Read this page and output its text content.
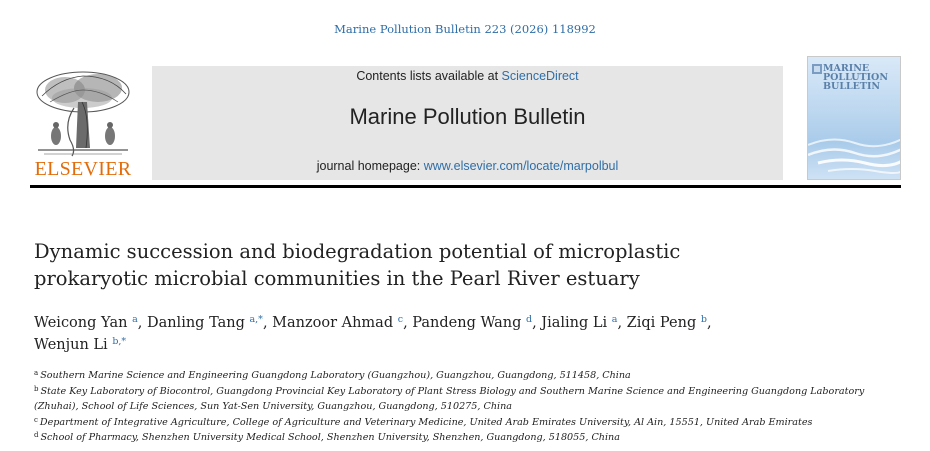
Marine Pollution Bulletin 223 (2026) 118992
ELSEVIER
Contents lists available at ScienceDirect
Marine Pollution Bulletin
journal homepage: www.elsevier.com/locate/marpolbul
MARINE
POLLUTION
BULLETIN
Dynamic succession and biodegradation potential of microplastic
prokaryotic microbial communities in the Pearl River estuary
Weicong Yan $^a$, Danling Tang $^{a,*}$, Manzoor Ahmad $^c$, Pandeng Wang $^d$, Jialing Li $^a$, Ziqi Peng $^b$,
Wenjun Li $^{b,*}$
$^a$ Southern Marine Science and Engineering Guangdong Laboratory (Guangzhou), Guangzhou, Guangdong, 511458, China
$^b$ State Key Laboratory of Biocontrol, Guangdong Provincial Key Laboratory of Plant Stress Biology and Southern Marine Science and Engineering Guangdong Laboratory
(Zhuhai), School of Life Sciences, Sun Yat-Sen University, Guangzhou, Guangdong, 510275, China
$^c$ Department of Integrative Agriculture, College of Agriculture and Veterinary Medicine, United Arab Emirates University, Al Ain, 15551, United Arab Emirates
$^d$ School of Pharmacy, Shenzhen University Medical School, Shenzhen University, Shenzhen, Guangdong, 518055, China
